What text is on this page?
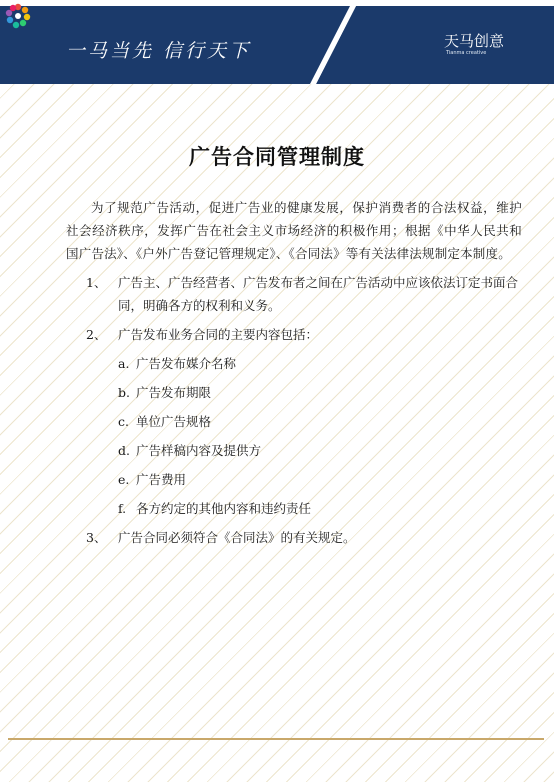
一马当先 信行天下	天马创意
Tianma creative
广告合同管理制度

为了规范广告活动，促进广告业的健康发展，保护消费者的合法权益，维护社会经济秩序，发挥广告在社会主义市场经济的积极作用；根据《中华人民共和国广告法》、《户外广告登记管理规定》、《合同法》等有关法律法规制定本制度。

1、 广告主、广告经营者、广告发布者之间在广告活动中应该依法订定书面合同，明确各方的权利和义务。
2、 广告发布业务合同的主要内容包括：
a. 广告发布媒介名称
b. 广告发布期限
c. 单位广告规格
d. 广告样稿内容及提供方
e. 广告费用
f. 各方约定的其他内容和违约责任
3、 广告合同必须符合《合同法》的有关规定。
